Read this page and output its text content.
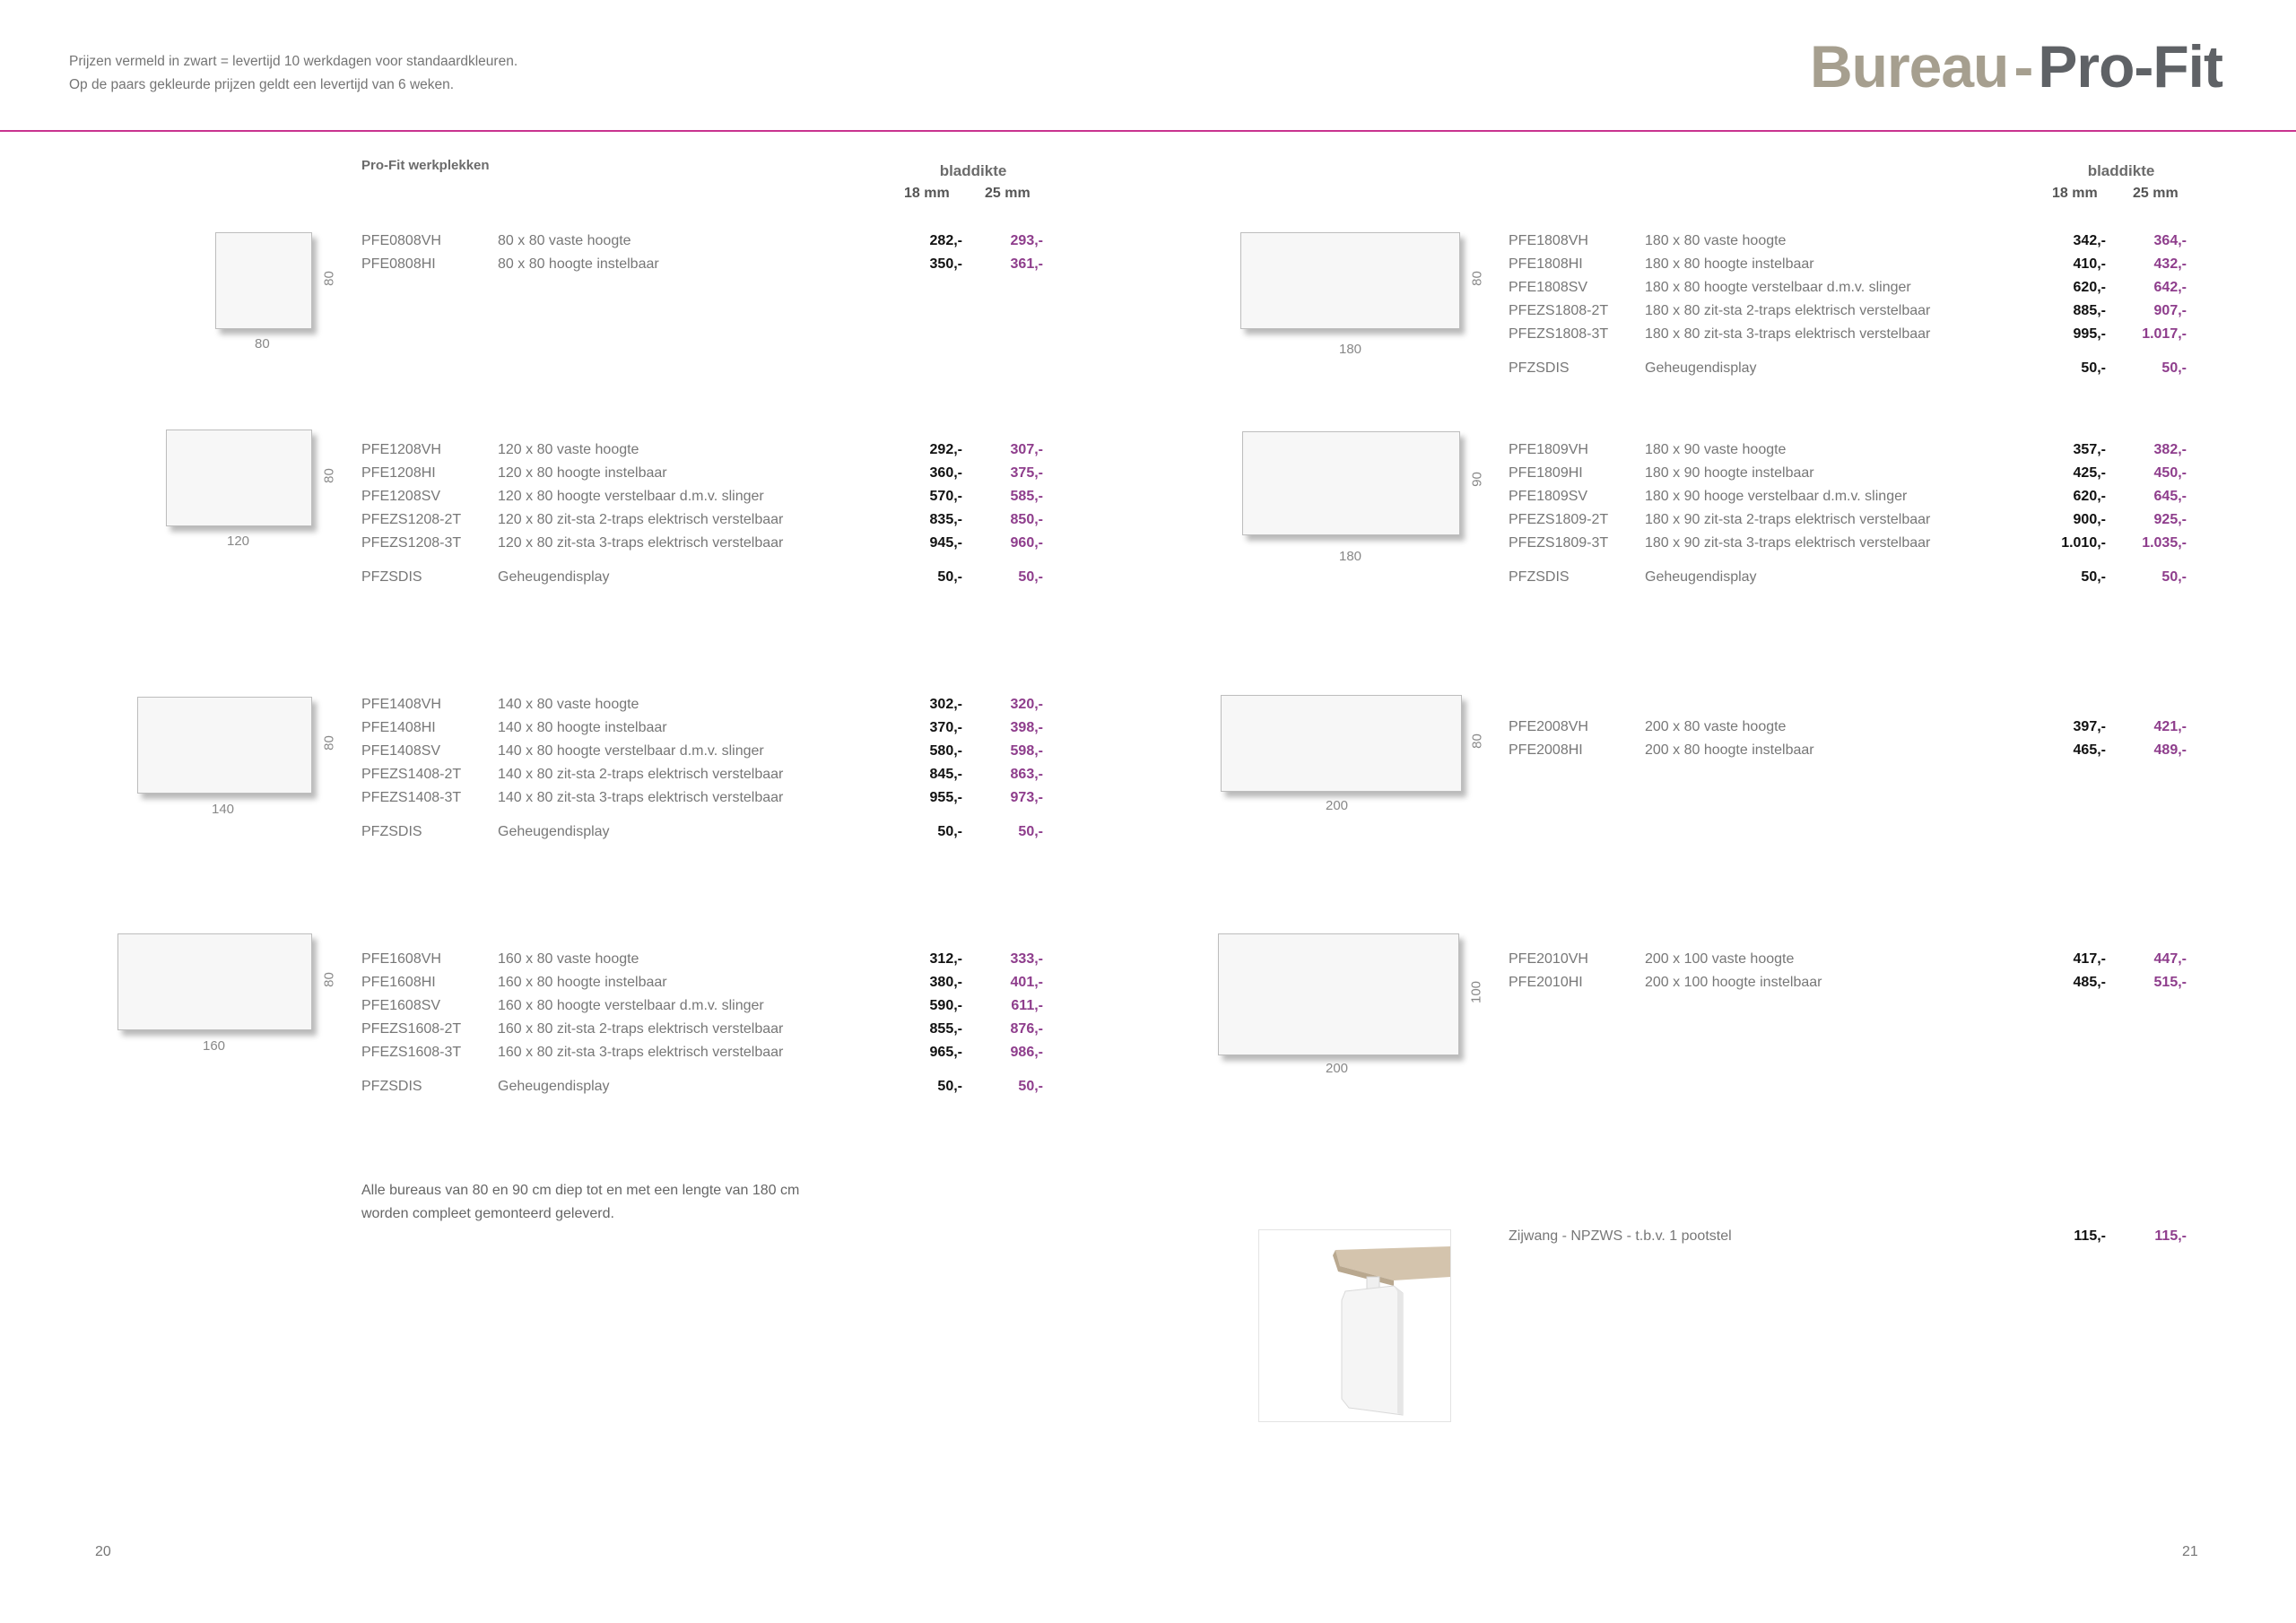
Prijzen vermeld in zwart = levertijd 10 werkdagen voor standaardkleuren.
Op de paars gekleurde prijzen geldt een levertijd van 6 weken.	Bureau-Pro-Fit
Pro-Fit werkplekken	bladdikte
18 mm 25 mm
80
80
PFE0808VH	80 x 80 vaste hoogte	282,-	293,-
PFE0808HI	80 x 80 hoogte instelbaar	350,-	361,-
80
120
PFE1208VH	120 x 80 vaste hoogte	292,-	307,-
PFE1208HI	120 x 80 hoogte instelbaar	360,-	375,-
PFE1208SV	120 x 80 hoogte verstelbaar d.m.v. slinger	570,-	585,-
PFEZS1208-2T	120 x 80 zit-sta 2-traps elektrisch verstelbaar	835,-	850,-
PFEZS1208-3T	120 x 80 zit-sta 3-traps elektrisch verstelbaar	945,-	960,-
PFZSDIS	Geheugendisplay	50,-	50,-
80
140
PFE1408VH	140 x 80 vaste hoogte	302,-	320,-
PFE1408HI	140 x 80 hoogte instelbaar	370,-	398,-
PFE1408SV	140 x 80 hoogte verstelbaar d.m.v. slinger	580,-	598,-
PFEZS1408-2T	140 x 80 zit-sta 2-traps elektrisch verstelbaar	845,-	863,-
PFEZS1408-3T	140 x 80 zit-sta 3-traps elektrisch verstelbaar	955,-	973,-
PFZSDIS	Geheugendisplay	50,-	50,-
80
160
PFE1608VH	160 x 80 vaste hoogte	312,-	333,-
PFE1608HI	160 x 80 hoogte instelbaar	380,-	401,-
PFE1608SV	160 x 80 hoogte verstelbaar d.m.v. slinger	590,-	611,-
PFEZS1608-2T	160 x 80 zit-sta 2-traps elektrisch verstelbaar	855,-	876,-
PFEZS1608-3T	160 x 80 zit-sta 3-traps elektrisch verstelbaar	965,-	986,-
PFZSDIS	Geheugendisplay	50,-	50,-
Alle bureaus van 80 en 90 cm diep tot en met een lengte van 180 cm
worden compleet gemonteerd geleverd.
20
bladdikte
18 mm 25 mm
80
180
PFE1808VH	180 x 80 vaste hoogte	342,-	364,-
PFE1808HI	180 x 80 hoogte instelbaar	410,-	432,-
PFE1808SV	180 x 80 hoogte verstelbaar d.m.v. slinger	620,-	642,-
PFEZS1808-2T	180 x 80 zit-sta 2-traps elektrisch verstelbaar	885,-	907,-
PFEZS1808-3T	180 x 80 zit-sta 3-traps elektrisch verstelbaar	995,-	1.017,-
PFZSDIS	Geheugendisplay	50,-	50,-
90
180
PFE1809VH	180 x 90 vaste hoogte	357,-	382,-
PFE1809HI	180 x 90 hoogte instelbaar	425,-	450,-
PFE1809SV	180 x 90 hooge verstelbaar d.m.v. slinger	620,-	645,-
PFEZS1809-2T	180 x 90 zit-sta 2-traps elektrisch verstelbaar	900,-	925,-
PFEZS1809-3T	180 x 90 zit-sta 3-traps elektrisch verstelbaar	1.010,-	1.035,-
PFZSDIS	Geheugendisplay	50,-	50,-
80
200
PFE2008VH	200 x 80 vaste hoogte	397,-	421,-
PFE2008HI	200 x 80 hoogte instelbaar	465,-	489,-
100
200
PFE2010VH	200 x 100 vaste hoogte	417,-	447,-
PFE2010HI	200 x 100 hoogte instelbaar	485,-	515,-
Zijwang - NPZWS - t.b.v. 1 pootstel	115,-	115,-
21
